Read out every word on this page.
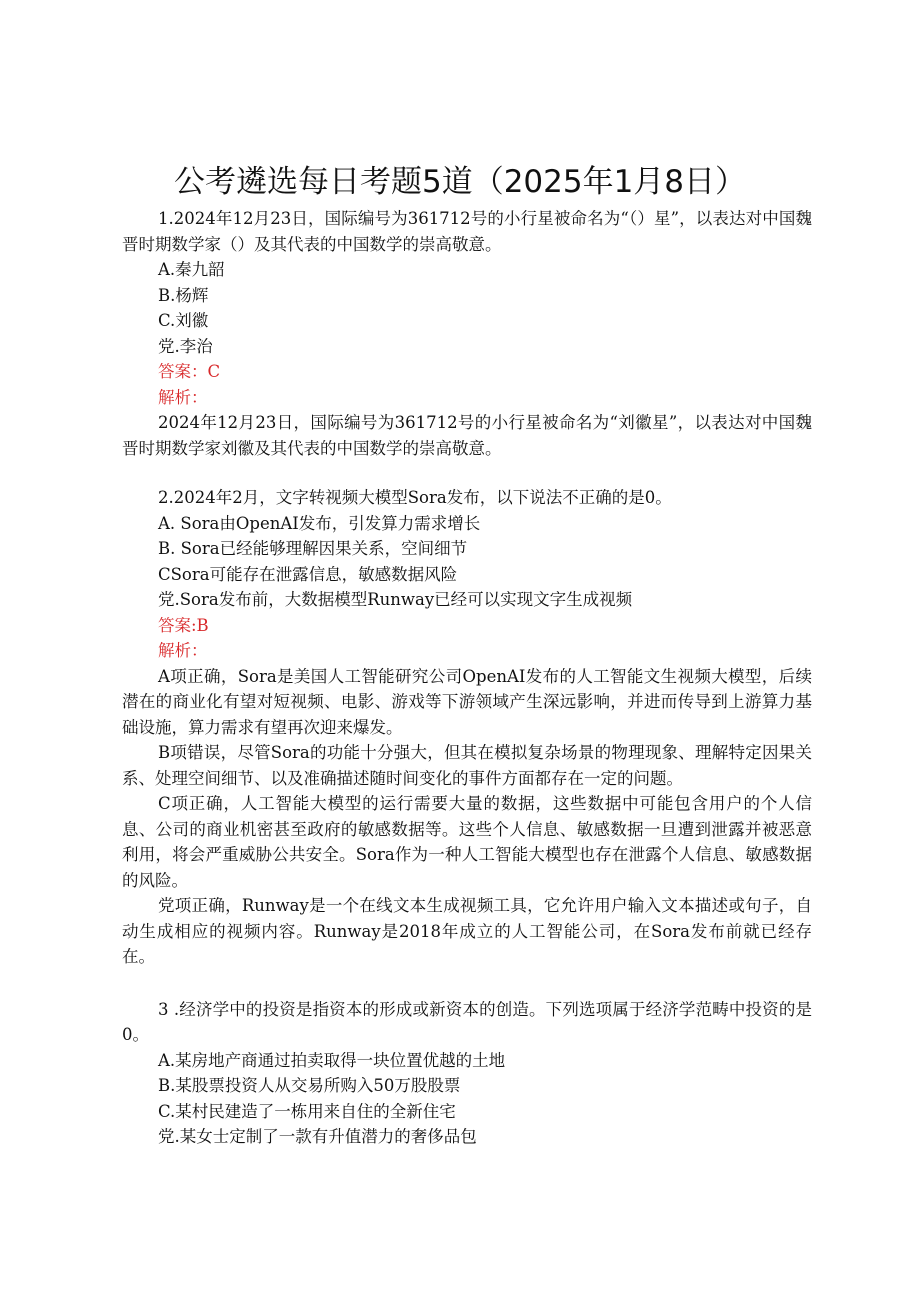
公考遴选每日考题5道（2025年1月8日）

1.2024年12月23日，国际编号为361712号的小行星被命名为“（）星”，以表达对中国魏晋时期数学家（）及其代表的中国数学的崇高敬意。

A.秦九韶

B.杨辉

C.刘徽

党.李治

答案：C

解析：

2024年12月23日，国际编号为361712号的小行星被命名为“刘徽星”，以表达对中国魏晋时期数学家刘徽及其代表的中国数学的崇高敬意。

2.2024年2月，文字转视频大模型Sora发布，以下说法不正确的是0。

A. Sora由OpenAI发布，引发算力需求增长

B. Sora已经能够理解因果关系，空间细节

CSora可能存在泄露信息，敏感数据风险

党.Sora发布前，大数据模型Runway已经可以实现文字生成视频

答案:B

解析：

A项正确，Sora是美国人工智能研究公司OpenAI发布的人工智能文生视频大模型，后续潜在的商业化有望对短视频、电影、游戏等下游领域产生深远影响，并进而传导到上游算力基础设施，算力需求有望再次迎来爆发。

B项错误，尽管Sora的功能十分强大，但其在模拟复杂场景的物理现象、理解特定因果关系、处理空间细节、以及准确描述随时间变化的事件方面都存在一定的问题。

C项正确，人工智能大模型的运行需要大量的数据，这些数据中可能包含用户的个人信息、公司的商业机密甚至政府的敏感数据等。这些个人信息、敏感数据一旦遭到泄露并被恶意利用，将会严重威胁公共安全。Sora作为一种人工智能大模型也存在泄露个人信息、敏感数据的风险。

党项正确，Runway是一个在线文本生成视频工具，它允许用户输入文本描述或句子，自动生成相应的视频内容。Runway是2018年成立的人工智能公司，在Sora发布前就已经存在。

3 .经济学中的投资是指资本的形成或新资本的创造。下列选项属于经济学范畴中投资的是0。

A.某房地产商通过拍卖取得一块位置优越的土地

B.某股票投资人从交易所购入50万股股票

C.某村民建造了一栋用来自住的全新住宅

党.某女士定制了一款有升值潜力的奢侈品包
